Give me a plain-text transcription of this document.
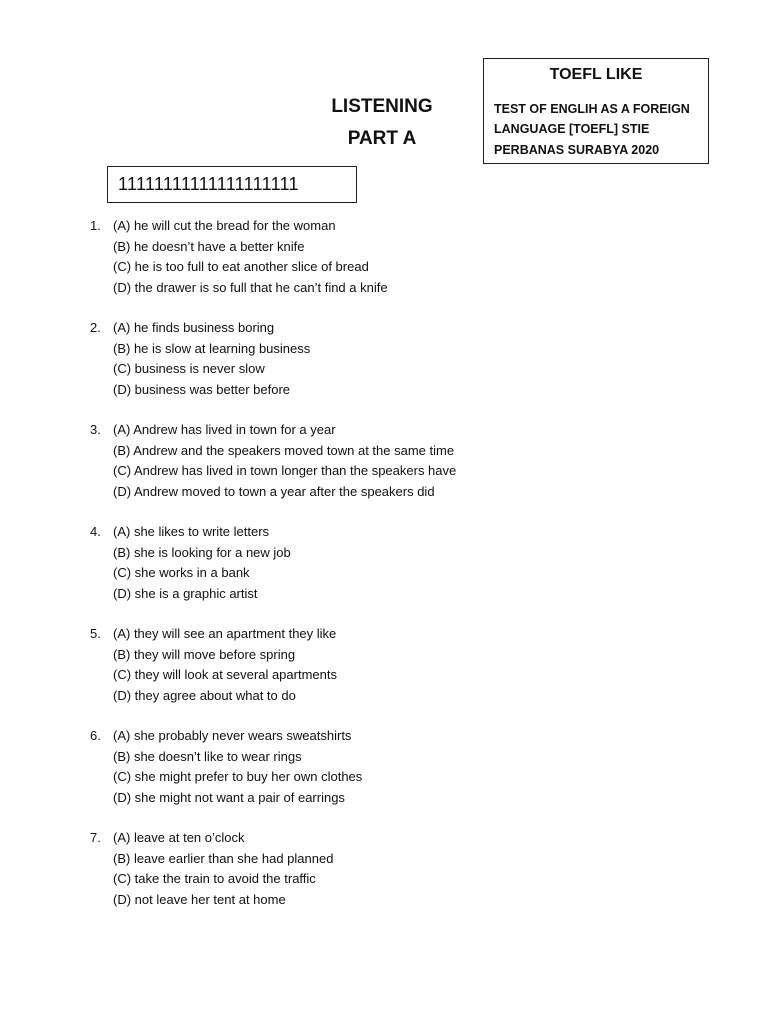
TOEFL LIKE
TEST OF ENGLIH AS A FOREIGN
LANGUAGE [TOEFL] STIE
PERBANAS SURABYA 2020
LISTENING
PART A
11111111111111111111
1. (A) he will cut the bread for the woman
(B) he doesn’t have a better knife
(C) he is too full to eat another slice of bread
(D) the drawer is so full that he can’t find a knife
2. (A) he finds business boring
(B) he is slow at learning business
(C) business is never slow
(D) business was better before
3. (A) Andrew has lived in town for a year
(B) Andrew and the speakers moved town at the same time
(C) Andrew has lived in town longer than the speakers have
(D) Andrew moved to town a year after the speakers did
4. (A) she likes to write letters
(B) she is looking for a new job
(C) she works in a bank
(D) she is a graphic artist
5. (A) they will see an apartment they like
(B) they will move before spring
(C) they will look at several apartments
(D) they agree about what to do
6. (A) she probably never wears sweatshirts
(B) she doesn’t like to wear rings
(C) she might prefer to buy her own clothes
(D) she might not want a pair of earrings
7. (A) leave at ten o’clock
(B) leave earlier than she had planned
(C) take the train to avoid the traffic
(D) not leave her tent at home
